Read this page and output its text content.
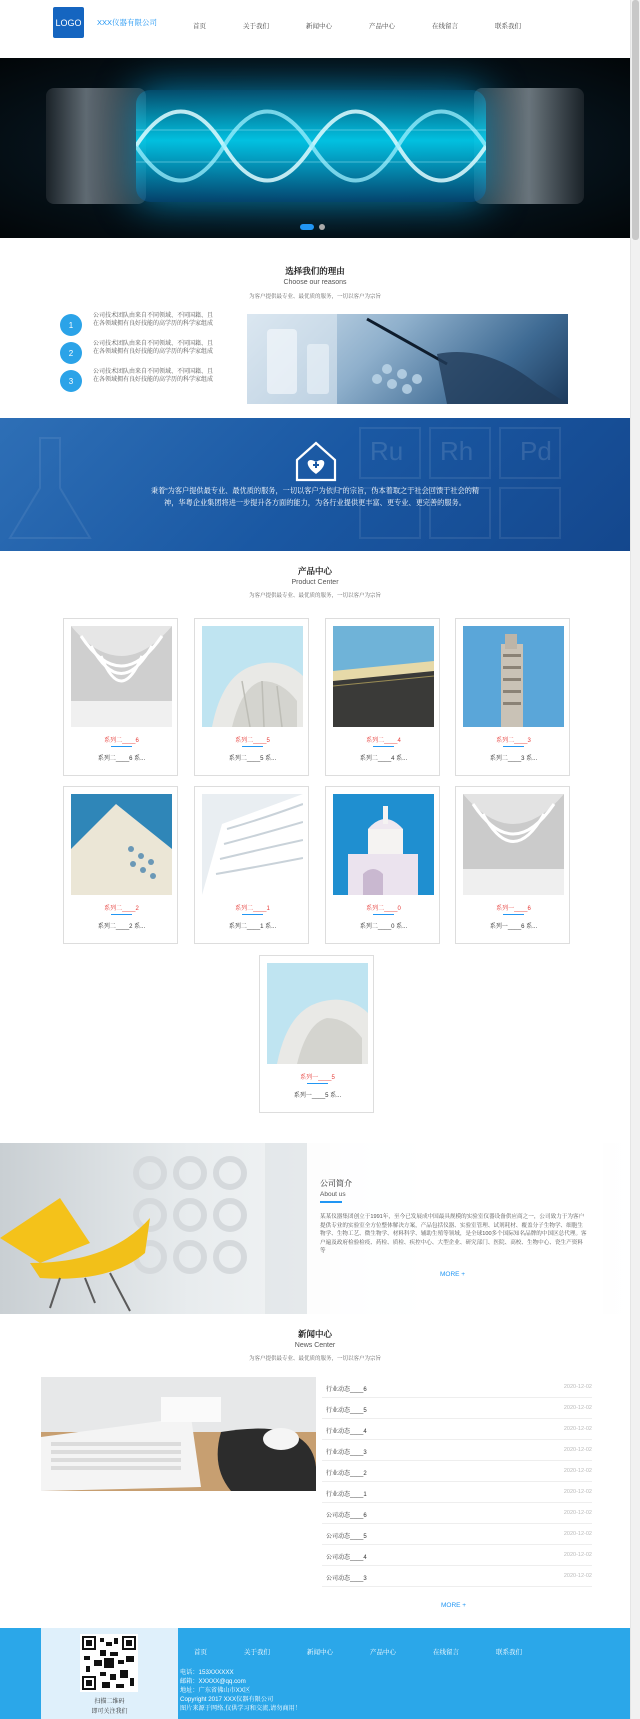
LOGO	XXX仪器有限公司	首页	关于我们	新闻中心	产品中心	在线留言	联系我们
选择我们的理由
Choose our reasons
为客户提供最专业、最优质的服务，一切以客户为宗旨
1
公司技术团队由来自不同领域、不同国籍、且在各领域拥有良好技能的高学历的科学家组成
2
公司技术团队由来自不同领域、不同国籍、且在各领域拥有良好技能的高学历的科学家组成
3
公司技术团队由来自不同领域、不同国籍、且在各领域拥有良好技能的高学历的科学家组成
Rh Pd
Ru
秉着“为客户提供最专业、最优质的服务，一切以客户为依归”的宗旨，伪本着取之于社会回馈于社会的精神，华粤企业集团将进一步提升各方面的能力，为各行业提供更丰富、更专业、更完善的服务。
产品中心
Product Center
为客户提供最专业、最优质的服务，一切以客户为宗旨
系列二____6
系列二____6 系...
系列二____5
系列二____5 系...
系列二____4
系列二____4 系...
系列二____3
系列二____3 系...
系列二____2
系列二____2 系...
系列二____1
系列二____1 系...
系列二____0
系列二____0 系...
系列一____6
系列一____6 系...
系列一____5
系列一____5 系...
公司简介
About us
某某仪器集团创立于1991年，至今已发展成中国最具规模的实验室仪器设备供应商之一，公司致力于为客户提供专业的实验室全方位整体解决方案，产品包括仪器、实验室管理、试剂耗材、覆盖分子生物学、细胞生物学、生物工艺、微生物学、材料科学、辅助生殖等领域，是全球100多个国际知名品牌的中国区总代理。客户遍及政府检验检疫、药检、质检、疾控中心、大型企业、研究部门、医院、高校、生物中心、瓷生产资料等
MORE +
新闻中心
News Center
为客户提供最专业、最优质的服务，一切以客户为宗旨
行业动态____6	2020-12-02
行业动态____5	2020-12-02
行业动态____4	2020-12-02
行业动态____3	2020-12-02
行业动态____2	2020-12-02
行业动态____1	2020-12-02
公司动态____6	2020-12-02
公司动态____5	2020-12-02
公司动态____4	2020-12-02
公司动态____3	2020-12-02
MORE +
扫描二维码
即可关注我们
首页	关于我们	新闻中心	产品中心	在线留言	联系我们
电话：153XXXXXX
邮箱：XXXXX@qq.com
地址：广东省佛山市XX区
Copyright 2017 XXX仪器有限公司
图片来源于网络,仅供学习和交流,请勿商用！
